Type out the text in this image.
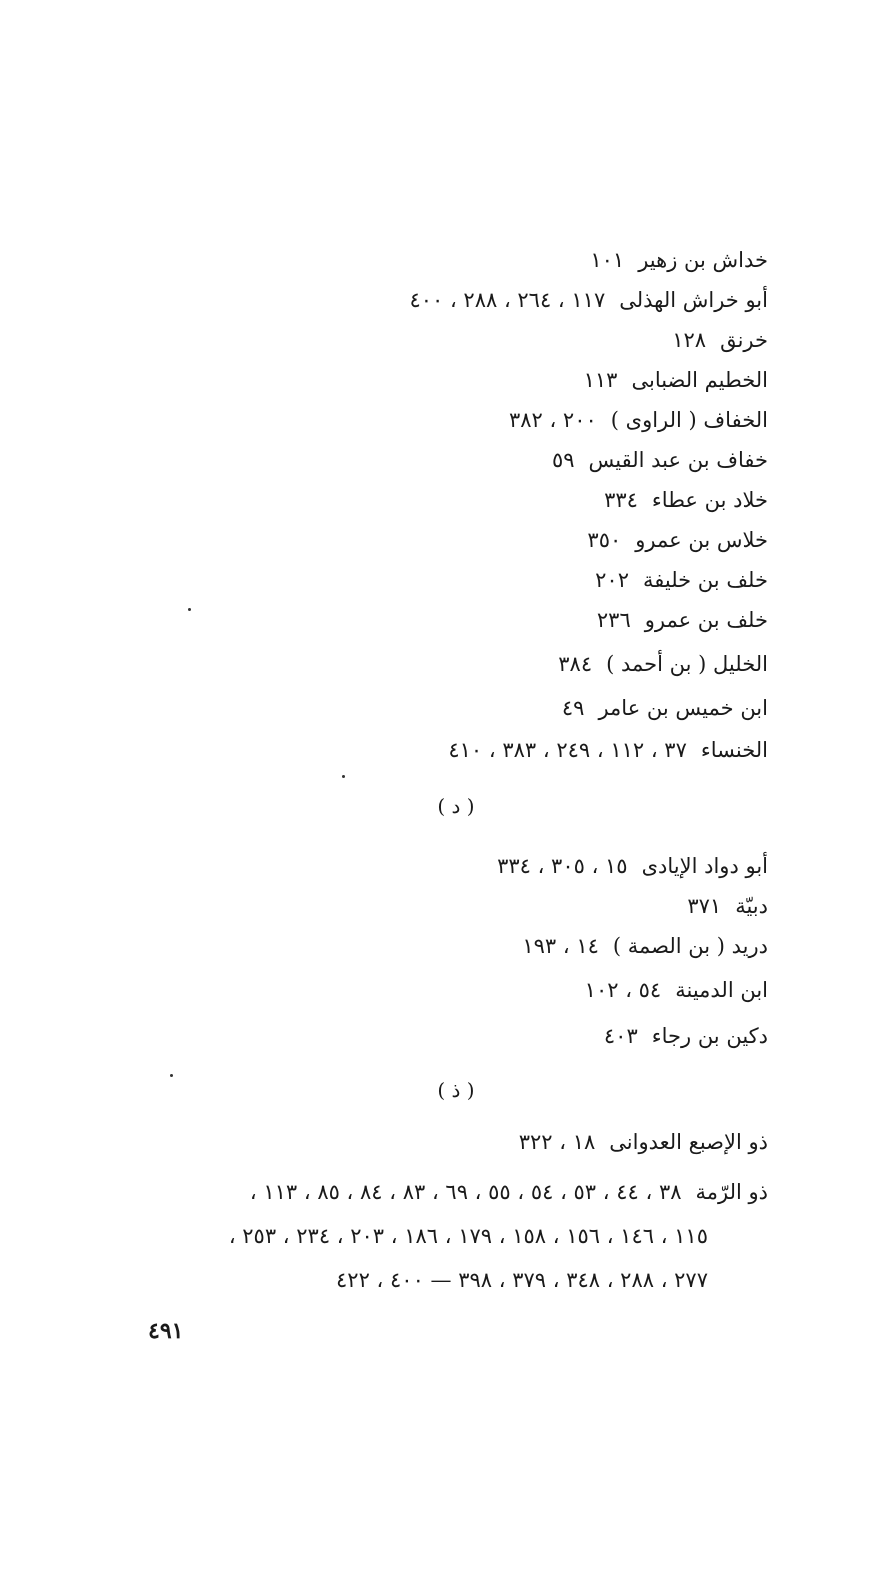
خداش بن زهير١٠١
أبو خراش الهذلى١١٧ ، ٢٦٤ ، ٢٨٨ ، ٤٠٠
خرنق١٢٨
الخطيم الضبابى١١٣
الخفاف ( الراوى )٢٠٠ ، ٣٨٢
خفاف بن عبد القيس٥٩
خلاد بن عطاء٣٣٤
خلاس بن عمرو٣٥٠
خلف بن خليفة٢٠٢
خلف بن عمرو٢٣٦
الخليل ( بن أحمد )٣٨٤
ابن خميس بن عامر٤٩
الخنساء٣٧ ، ١١٢ ، ٢٤٩ ، ٣٨٣ ، ٤١٠
( د )
أبو دواد الإيادى١٥ ، ٣٠٥ ، ٣٣٤
دبيّة٣٧١
دريد ( بن الصمة )١٤ ، ١٩٣
ابن الدمينة٥٤ ، ١٠٢
دكين بن رجاء٤٠٣
( ذ )
ذو الإصبع العدوانى١٨ ، ٣٢٢
ذو الرّمة٣٨ ، ٤٤ ، ٥٣ ، ٥٤ ، ٥٥ ، ٦٩ ، ٨٣ ، ٨٤ ، ٨٥ ، ١١٣ ،
١١٥ ، ١٤٦ ، ١٥٦ ، ١٥٨ ، ١٧٩ ، ١٨٦ ، ٢٠٣ ، ٢٣٤ ، ٢٥٣ ،
٢٧٧ ، ٢٨٨ ، ٣٤٨ ، ٣٧٩ ، ٣٩٨ — ٤٠٠ ، ٤٢٢
٤٩١
